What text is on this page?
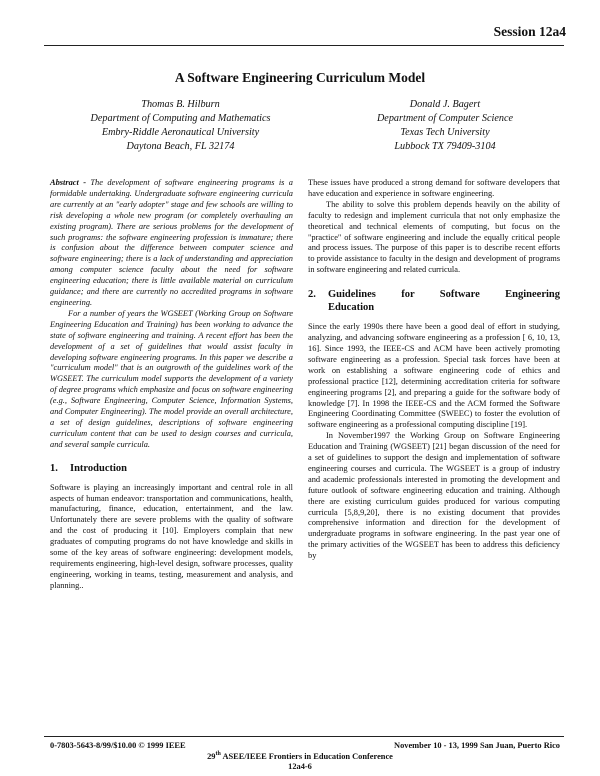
Session 12a4
A Software Engineering Curriculum Model
Thomas B. Hilburn
Department of Computing and Mathematics
Embry-Riddle Aeronautical University
Daytona Beach, FL 32174
Donald J. Bagert
Department of Computer Science
Texas Tech University
Lubbock TX 79409-3104

Abstract - The development of software engineering programs is a formidable undertaking. Undergraduate software engineering curricula are currently at an "early adopter" stage and few schools are willing to risk developing a whole new program (or completely overhauling an existing program). There are serious problems for the development of such programs: the software engineering profession is immature; there is confusion about the difference between computer science and software engineering; there is a lack of understanding and appreciation among computer science faculty about the need for software engineering education; there is little available material on curriculum guidance; and there are currently no accredited programs in software engineering.

For a number of years the WGSEET (Working Group on Software Engineering Education and Training) has been working to advance the state of software engineering and training. A recent effort has been the development of a set of guidelines that would assist faculty in developing software engineering programs. In this paper we describe a "curriculum model" that is an outgrowth of the guidelines work of the WGSEET. The curriculum model supports the development of a variety of degree programs which emphasize and focus on software engineering (e.g., Software Engineering, Computer Science, Information Systems, and Computer Engineering). The model provide an overall architecture, a set of design guidelines, descriptions of software engineering curriculum content that can be used to design courses and curricula, and several sample curricula.

1. Introduction

Software is playing an increasingly important and central role in all aspects of human endeavor: transportation and communications, health, manufacturing, finance, education, entertainment, and the law. Unfortunately there are severe problems with the quality of software and the cost of producing it [10]. Employers complain that new graduates of computing programs do not have knowledge and skills in some of the key areas of software engineering: development models, requirements engineering, high-level design, software processes, quality engineering, working in teams, testing, measurement and analysis, and planning..

These issues have produced a strong demand for software developers that have education and experience in software engineering.

The ability to solve this problem depends heavily on the ability of faculty to redesign and implement curricula that not only emphasize the theoretical and technical elements of computing, but focus on the "practice" of software engineering and include the equally critical people and process issues. The purpose of this paper is to describe recent efforts to provide assistance to faculty in the design and development of programs in software engineering and related curricula.

2.	Guidelines for Software Engineering
Education

Since the early 1990s there have been a good deal of effort in studying, analyzing, and advancing software engineering as a profession [ 6, 10, 13, 16]. Since 1993, the IEEE-CS and ACM have been actively promoting software engineering as a profession. Special task forces have been at work on establishing a software engineering code of ethics and professional practice [12], determining accreditation criteria for software engineering programs [2], and preparing a guide for the software body of knowledge [7]. In 1998 the IEEE-CS and the ACM formed the Software Engineering Coordinating Committee (SWEEC) to foster the evolution of software engineering as a professional computing discipline [19].

In November1997 the Working Group on Software Engineering Education and Training (WGSEET) [21] began discussion of the need for a set of guidelines to support the design and implementation of software engineering courses and curricula. The WGSEET is a group of industry and academic professionals interested in promoting the development and future outlook of software engineering education and training. Although there are existing curriculum guides produced for various computing curricula [5,8,9,20], there is no existing document that provides comprehensive information and direction for the development of undergraduate programs in software engineering. In the past year one of the primary activities of the WGSEET has been to address this deficiency by

0-7803-5643-8/99/$10.00 © 1999 IEEE	November 10 - 13, 1999 San Juan, Puerto Rico
29th ASEE/IEEE Frontiers in Education Conference
12a4-6
